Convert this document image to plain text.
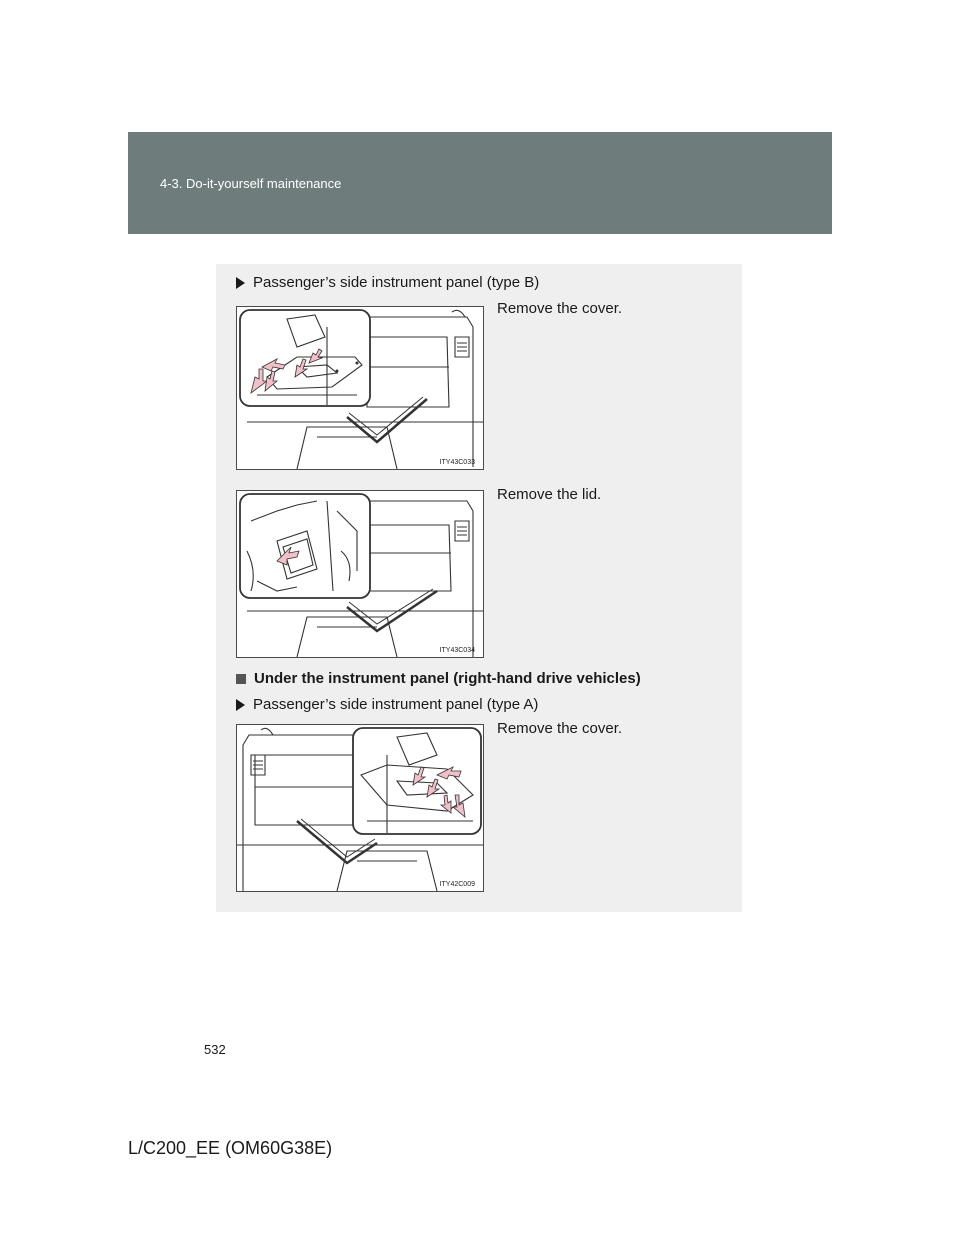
4-3. Do-it-yourself maintenance
Passenger’s side instrument panel (type B)
ITY43C033
Remove the cover.
ITY43C034
Remove the lid.
Under the instrument panel (right-hand drive vehicles)
Passenger’s side instrument panel (type A)
ITY42C009
Remove the cover.
532
L/C200_EE (OM60G38E)
